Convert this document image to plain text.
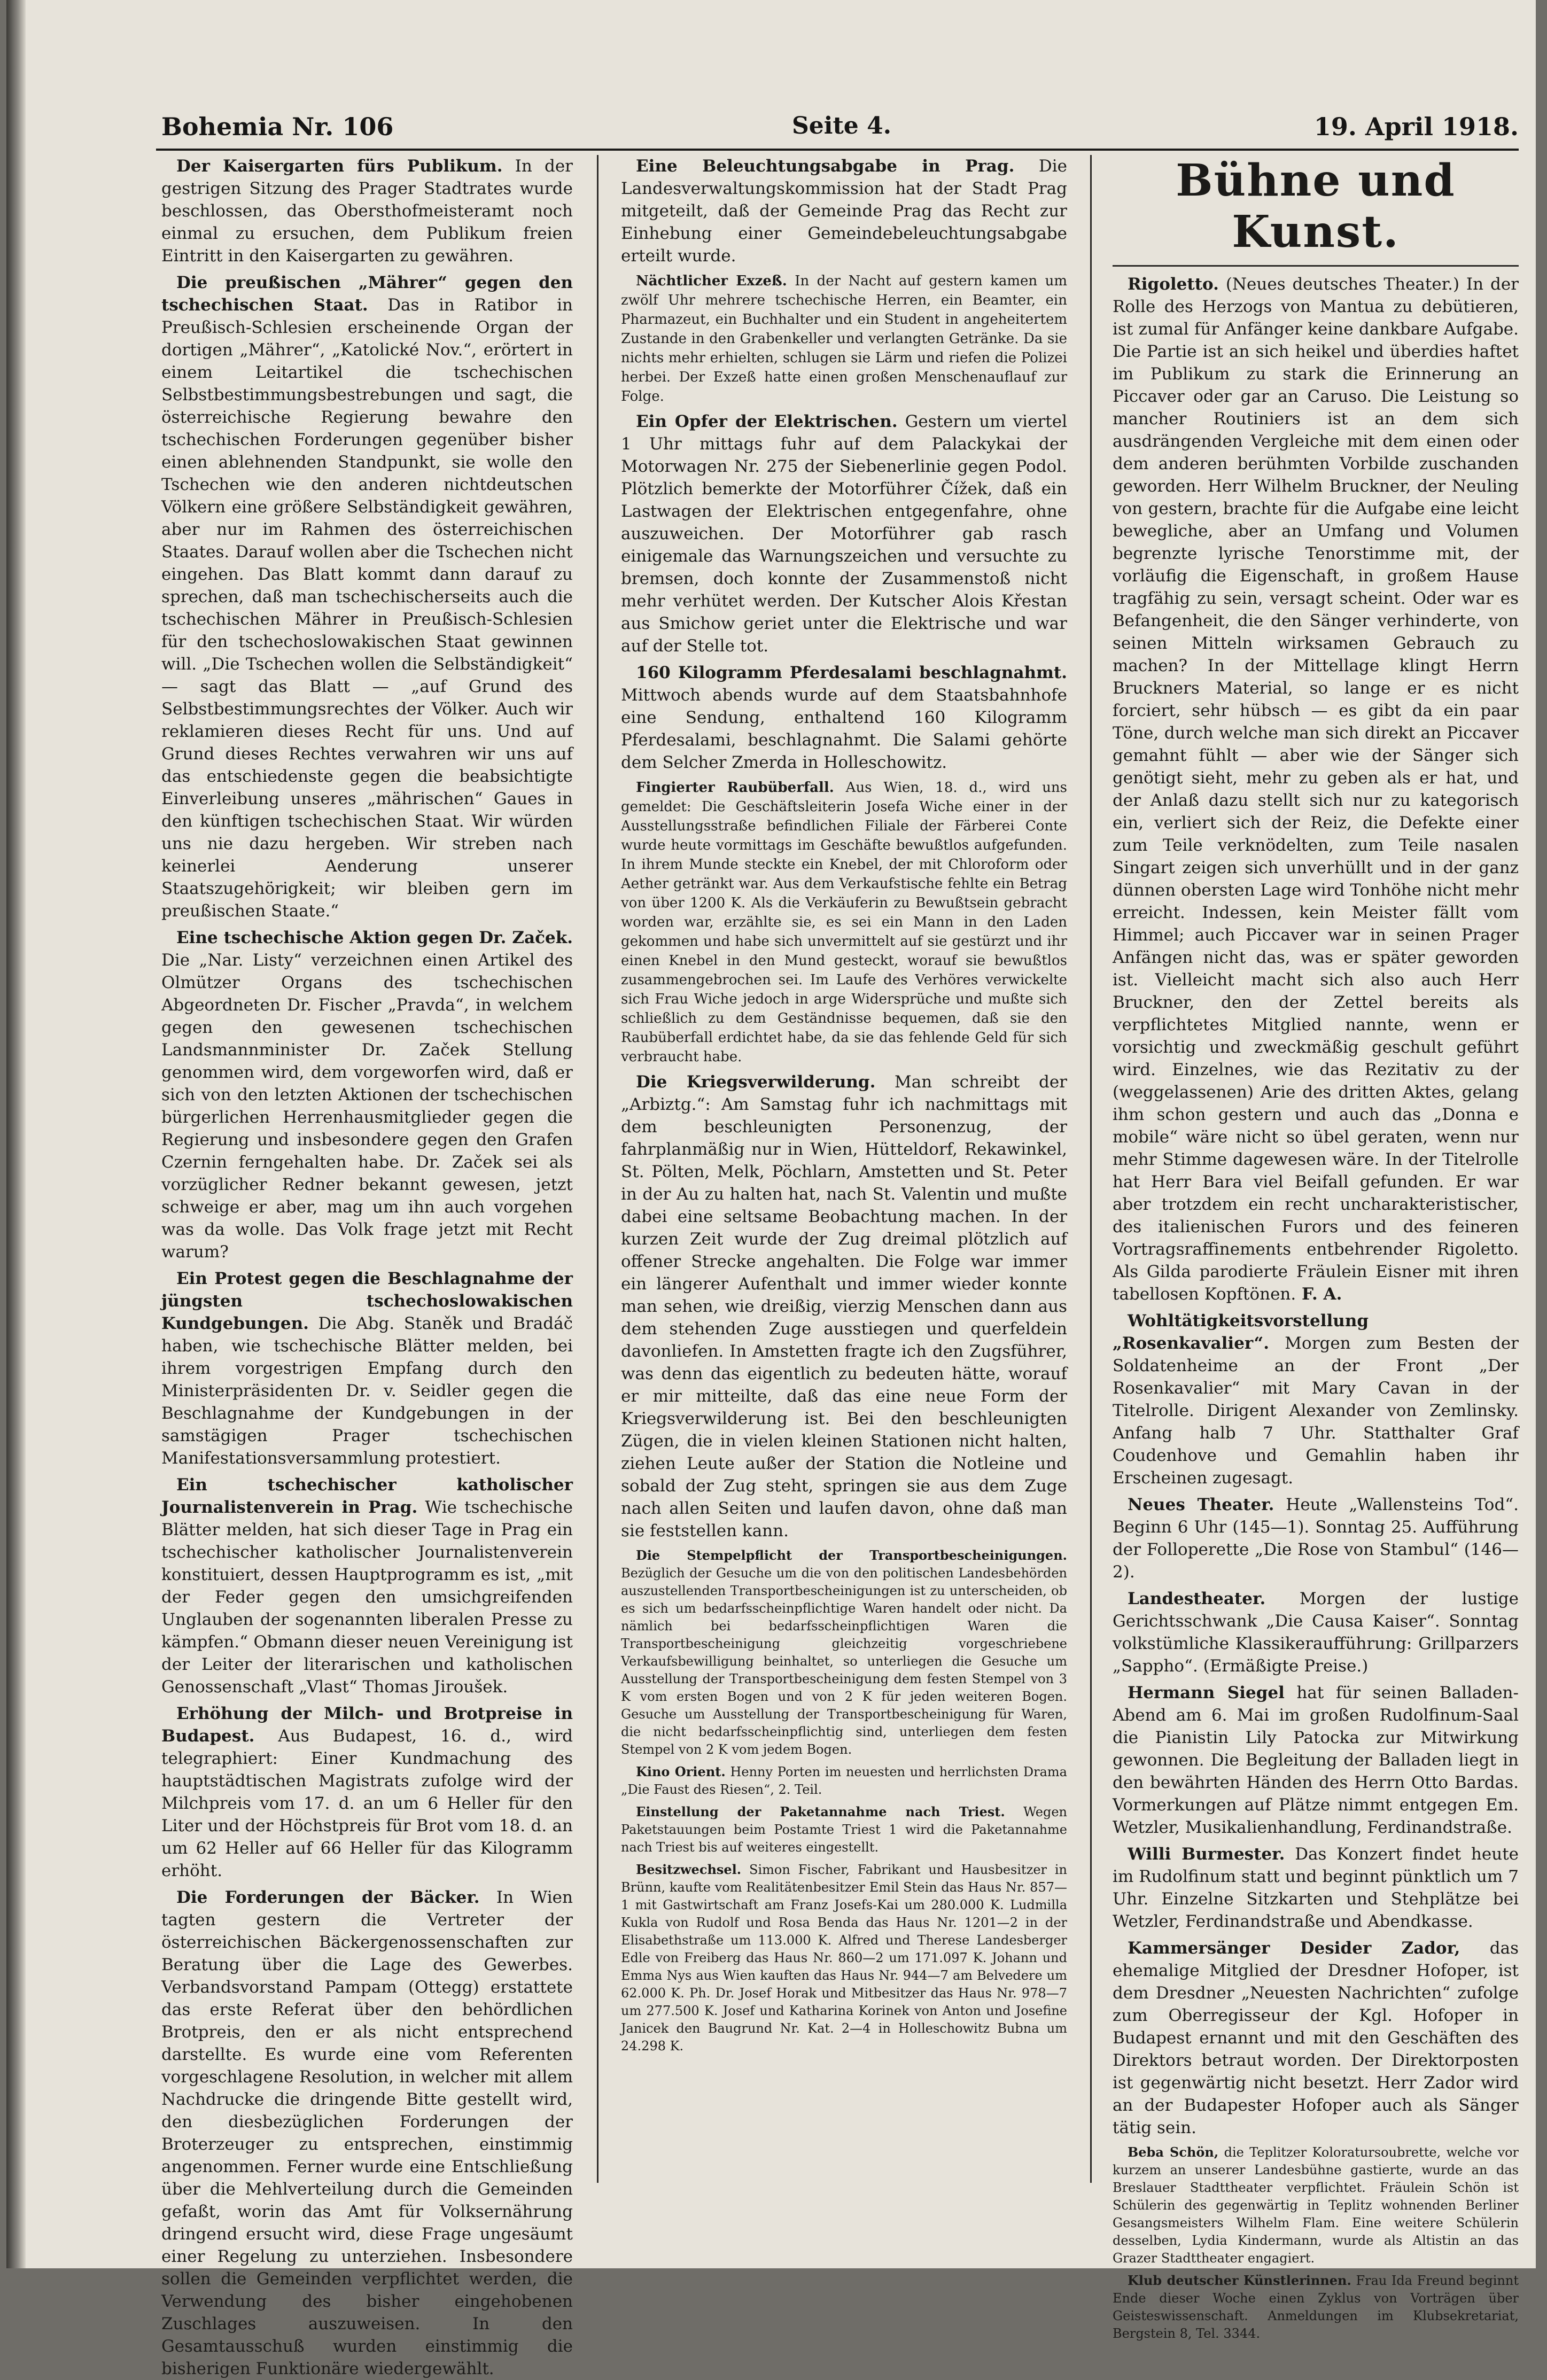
Bohemia Nr. 106	Seite 4.	19. April 1918.

Der Kaisergarten fürs Publikum. In der gestrigen Sitzung des Prager Stadtrates wurde beschlossen, das Obersthofmeisteramt noch einmal zu ersuchen, dem Publikum freien Eintritt in den Kaisergarten zu gewähren.

Die preußischen „Mährer“ gegen den tschechischen Staat. Das in Ratibor in Preußisch-Schlesien erscheinende Organ der dortigen „Mährer“, „Katolické Nov.“, erörtert in einem Leitartikel die tschechischen Selbstbestimmungsbestrebungen und sagt, die österreichische Regierung bewahre den tschechischen Forderungen gegenüber bisher einen ablehnenden Standpunkt, sie wolle den Tschechen wie den anderen nichtdeutschen Völkern eine größere Selbständigkeit gewähren, aber nur im Rahmen des österreichischen Staates. Darauf wollen aber die Tschechen nicht eingehen. Das Blatt kommt dann darauf zu sprechen, daß man tschechischerseits auch die tschechischen Mährer in Preußisch-Schlesien für den tschechoslowakischen Staat gewinnen will. „Die Tschechen wollen die Selbständigkeit“ — sagt das Blatt — „auf Grund des Selbstbestimmungsrechtes der Völker. Auch wir reklamieren dieses Recht für uns. Und auf Grund dieses Rechtes verwahren wir uns auf das entschiedenste gegen die beabsichtigte Einverleibung unseres „mährischen“ Gaues in den künftigen tschechischen Staat. Wir würden uns nie dazu hergeben. Wir streben nach keinerlei Aenderung unserer Staatszugehörigkeit; wir bleiben gern im preußischen Staate.“

Eine tschechische Aktion gegen Dr. Začek. Die „Nar. Listy“ verzeichnen einen Artikel des Olmützer Organs des tschechischen Abgeordneten Dr. Fischer „Pravda“, in welchem gegen den gewesenen tschechischen Landsmannminister Dr. Začek Stellung genommen wird, dem vorgeworfen wird, daß er sich von den letzten Aktionen der tschechischen bürgerlichen Herrenhausmitglieder gegen die Regierung und insbesondere gegen den Grafen Czernin ferngehalten habe. Dr. Začek sei als vorzüglicher Redner bekannt gewesen, jetzt schweige er aber, mag um ihn auch vorgehen was da wolle. Das Volk frage jetzt mit Recht warum?

Ein Protest gegen die Beschlagnahme der jüngsten tschechoslowakischen Kundgebungen. Die Abg. Staněk und Bradáč haben, wie tschechische Blätter melden, bei ihrem vorgestrigen Empfang durch den Ministerpräsidenten Dr. v. Seidler gegen die Beschlagnahme der Kundgebungen in der samstägigen Prager tschechischen Manifestationsversammlung protestiert.

Ein tschechischer katholischer Journalistenverein in Prag. Wie tschechische Blätter melden, hat sich dieser Tage in Prag ein tschechischer katholischer Journalistenverein konstituiert, dessen Hauptprogramm es ist, „mit der Feder gegen den umsichgreifenden Unglauben der sogenannten liberalen Presse zu kämpfen.“ Obmann dieser neuen Vereinigung ist der Leiter der literarischen und katholischen Genossenschaft „Vlast“ Thomas Jiroušek.

Erhöhung der Milch- und Brotpreise in Budapest. Aus Budapest, 16. d., wird telegraphiert: Einer Kundmachung des hauptstädtischen Magistrats zufolge wird der Milchpreis vom 17. d. an um 6 Heller für den Liter und der Höchstpreis für Brot vom 18. d. an um 62 Heller auf 66 Heller für das Kilogramm erhöht.

Die Forderungen der Bäcker. In Wien tagten gestern die Vertreter der österreichischen Bäckergenossenschaften zur Beratung über die Lage des Gewerbes. Verbandsvorstand Pampam (Ottegg) erstattete das erste Referat über den behördlichen Brotpreis, den er als nicht entsprechend darstellte. Es wurde eine vom Referenten vorgeschlagene Resolution, in welcher mit allem Nachdrucke die dringende Bitte gestellt wird, den diesbezüglichen Forderungen der Broterzeuger zu entsprechen, einstimmig angenommen. Ferner wurde eine Entschließung über die Mehlverteilung durch die Gemeinden gefaßt, worin das Amt für Volksernährung dringend ersucht wird, diese Frage ungesäumt einer Regelung zu unterziehen. Insbesondere sollen die Gemeinden verpflichtet werden, die Verwendung des bisher eingehobenen Zuschlages auszuweisen. In den Gesamtausschuß wurden einstimmig die bisherigen Funktionäre wiedergewählt.

Eine Beleuchtungsabgabe in Prag. Die Landesverwaltungskommission hat der Stadt Prag mitgeteilt, daß der Gemeinde Prag das Recht zur Einhebung einer Gemeindebeleuchtungsabgabe erteilt wurde.

Nächtlicher Exzeß. In der Nacht auf gestern kamen um zwölf Uhr mehrere tschechische Herren, ein Beamter, ein Pharmazeut, ein Buchhalter und ein Student in angeheitertem Zustande in den Grabenkeller und verlangten Getränke. Da sie nichts mehr erhielten, schlugen sie Lärm und riefen die Polizei herbei. Der Exzeß hatte einen großen Menschenauflauf zur Folge.

Ein Opfer der Elektrischen. Gestern um viertel 1 Uhr mittags fuhr auf dem Palackykai der Motorwagen Nr. 275 der Siebenerlinie gegen Podol. Plötzlich bemerkte der Motorführer Čížek, daß ein Lastwagen der Elektrischen entgegenfahre, ohne auszuweichen. Der Motorführer gab rasch einigemale das Warnungszeichen und versuchte zu bremsen, doch konnte der Zusammenstoß nicht mehr verhütet werden. Der Kutscher Alois Křestan aus Smichow geriet unter die Elektrische und war auf der Stelle tot.

160 Kilogramm Pferdesalami beschlagnahmt. Mittwoch abends wurde auf dem Staatsbahnhofe eine Sendung, enthaltend 160 Kilogramm Pferdesalami, beschlagnahmt. Die Salami gehörte dem Selcher Zmerda in Holleschowitz.

Fingierter Raubüberfall. Aus Wien, 18. d., wird uns gemeldet: Die Geschäftsleiterin Josefa Wiche einer in der Ausstellungsstraße befindlichen Filiale der Färberei Conte wurde heute vormittags im Geschäfte bewußtlos aufgefunden. In ihrem Munde steckte ein Knebel, der mit Chloroform oder Aether getränkt war. Aus dem Verkaufstische fehlte ein Betrag von über 1200 K. Als die Verkäuferin zu Bewußtsein gebracht worden war, erzählte sie, es sei ein Mann in den Laden gekommen und habe sich unvermittelt auf sie gestürzt und ihr einen Knebel in den Mund gesteckt, worauf sie bewußtlos zusammengebrochen sei. Im Laufe des Verhöres verwickelte sich Frau Wiche jedoch in arge Widersprüche und mußte sich schließlich zu dem Geständnisse bequemen, daß sie den Raubüberfall erdichtet habe, da sie das fehlende Geld für sich verbraucht habe.

Die Kriegsverwilderung. Man schreibt der „Arbiztg.“: Am Samstag fuhr ich nachmittags mit dem beschleunigten Personenzug, der fahrplanmäßig nur in Wien, Hütteldorf, Rekawinkel, St. Pölten, Melk, Pöchlarn, Amstetten und St. Peter in der Au zu halten hat, nach St. Valentin und mußte dabei eine seltsame Beobachtung machen. In der kurzen Zeit wurde der Zug dreimal plötzlich auf offener Strecke angehalten. Die Folge war immer ein längerer Aufenthalt und immer wieder konnte man sehen, wie dreißig, vierzig Menschen dann aus dem stehenden Zuge ausstiegen und querfeldein davonliefen. In Amstetten fragte ich den Zugsführer, was denn das eigentlich zu bedeuten hätte, worauf er mir mitteilte, daß das eine neue Form der Kriegsverwilderung ist. Bei den beschleunigten Zügen, die in vielen kleinen Stationen nicht halten, ziehen Leute außer der Station die Notleine und sobald der Zug steht, springen sie aus dem Zuge nach allen Seiten und laufen davon, ohne daß man sie feststellen kann.

Die Stempelpflicht der Transportbescheinigungen. Bezüglich der Gesuche um die von den politischen Landesbehörden auszustellenden Transportbescheinigungen ist zu unterscheiden, ob es sich um bedarfsscheinpflichtige Waren handelt oder nicht. Da nämlich bei bedarfsscheinpflichtigen Waren die Transportbescheinigung gleichzeitig vorgeschriebene Verkaufsbewilligung beinhaltet, so unterliegen die Gesuche um Ausstellung der Transportbescheinigung dem festen Stempel von 3 K vom ersten Bogen und von 2 K für jeden weiteren Bogen. Gesuche um Ausstellung der Transportbescheinigung für Waren, die nicht bedarfsscheinpflichtig sind, unterliegen dem festen Stempel von 2 K vom jedem Bogen.

Kino Orient. Henny Porten im neuesten und herrlichsten Drama „Die Faust des Riesen“, 2. Teil.

Einstellung der Paketannahme nach Triest. Wegen Paketstauungen beim Postamte Triest 1 wird die Paketannahme nach Triest bis auf weiteres eingestellt.

Besitzwechsel. Simon Fischer, Fabrikant und Hausbesitzer in Brünn, kaufte vom Realitätenbesitzer Emil Stein das Haus Nr. 857—1 mit Gastwirtschaft am Franz Josefs-Kai um 280.000 K. Ludmilla Kukla von Rudolf und Rosa Benda das Haus Nr. 1201—2 in der Elisabethstraße um 113.000 K. Alfred und Therese Landesberger Edle von Freiberg das Haus Nr. 860—2 um 171.097 K. Johann und Emma Nys aus Wien kauften das Haus Nr. 944—7 am Belvedere um 62.000 K. Ph. Dr. Josef Horak und Mitbesitzer das Haus Nr. 978—7 um 277.500 K. Josef und Katharina Korinek von Anton und Josefine Janicek den Baugrund Nr. Kat. 2—4 in Holleschowitz Bubna um 24.298 K.

Bühne und Kunst.

Rigoletto. (Neues deutsches Theater.) In der Rolle des Herzogs von Mantua zu debütieren, ist zumal für Anfänger keine dankbare Aufgabe. Die Partie ist an sich heikel und überdies haftet im Publikum zu stark die Erinnerung an Piccaver oder gar an Caruso. Die Leistung so mancher Routiniers ist an dem sich ausdrängenden Vergleiche mit dem einen oder dem anderen berühmten Vorbilde zuschanden geworden. Herr Wilhelm Bruckner, der Neuling von gestern, brachte für die Aufgabe eine leicht bewegliche, aber an Umfang und Volumen begrenzte lyrische Tenorstimme mit, der vorläufig die Eigenschaft, in großem Hause tragfähig zu sein, versagt scheint. Oder war es Befangenheit, die den Sänger verhinderte, von seinen Mitteln wirksamen Gebrauch zu machen? In der Mittellage klingt Herrn Bruckners Material, so lange er es nicht forciert, sehr hübsch — es gibt da ein paar Töne, durch welche man sich direkt an Piccaver gemahnt fühlt — aber wie der Sänger sich genötigt sieht, mehr zu geben als er hat, und der Anlaß dazu stellt sich nur zu kategorisch ein, verliert sich der Reiz, die Defekte einer zum Teile verknödelten, zum Teile nasalen Singart zeigen sich unverhüllt und in der ganz dünnen obersten Lage wird Tonhöhe nicht mehr erreicht. Indessen, kein Meister fällt vom Himmel; auch Piccaver war in seinen Prager Anfängen nicht das, was er später geworden ist. Vielleicht macht sich also auch Herr Bruckner, den der Zettel bereits als verpflichtetes Mitglied nannte, wenn er vorsichtig und zweckmäßig geschult geführt wird. Einzelnes, wie das Rezitativ zu der (weggelassenen) Arie des dritten Aktes, gelang ihm schon gestern und auch das „Donna e mobile“ wäre nicht so übel geraten, wenn nur mehr Stimme dagewesen wäre. In der Titelrolle hat Herr Bara viel Beifall gefunden. Er war aber trotzdem ein recht uncharakteristischer, des italienischen Furors und des feineren Vortragsraffinements entbehrender Rigoletto. Als Gilda parodierte Fräulein Eisner mit ihren tabellosen Kopftönen. F. A.

Wohltätigkeitsvorstellung „Rosenkavalier“. Morgen zum Besten der Soldatenheime an der Front „Der Rosenkavalier“ mit Mary Cavan in der Titelrolle. Dirigent Alexander von Zemlinsky. Anfang halb 7 Uhr. Statthalter Graf Coudenhove und Gemahlin haben ihr Erscheinen zugesagt.

Neues Theater. Heute „Wallensteins Tod“. Beginn 6 Uhr (145—1). Sonntag 25. Aufführung der Folloperette „Die Rose von Stambul“ (146—2).

Landestheater. Morgen der lustige Gerichtsschwank „Die Causa Kaiser“. Sonntag volkstümliche Klassikeraufführung: Grillparzers „Sappho“. (Ermäßigte Preise.)

Hermann Siegel hat für seinen Balladen-Abend am 6. Mai im großen Rudolfinum-Saal die Pianistin Lily Patocka zur Mitwirkung gewonnen. Die Begleitung der Balladen liegt in den bewährten Händen des Herrn Otto Bardas. Vormerkungen auf Plätze nimmt entgegen Em. Wetzler, Musikalienhandlung, Ferdinandstraße.

Willi Burmester. Das Konzert findet heute im Rudolfinum statt und beginnt pünktlich um 7 Uhr. Einzelne Sitzkarten und Stehplätze bei Wetzler, Ferdinandstraße und Abendkasse.

Kammersänger Desider Zador, das ehemalige Mitglied der Dresdner Hofoper, ist dem Dresdner „Neuesten Nachrichten“ zufolge zum Oberregisseur der Kgl. Hofoper in Budapest ernannt und mit den Geschäften des Direktors betraut worden. Der Direktorposten ist gegenwärtig nicht besetzt. Herr Zador wird an der Budapester Hofoper auch als Sänger tätig sein.

Beba Schön, die Teplitzer Koloratursoubrette, welche vor kurzem an unserer Landesbühne gastierte, wurde an das Breslauer Stadttheater verpflichtet. Fräulein Schön ist Schülerin des gegenwärtig in Teplitz wohnenden Berliner Gesangsmeisters Wilhelm Flam. Eine weitere Schülerin desselben, Lydia Kindermann, wurde als Altistin an das Grazer Stadttheater engagiert.

Klub deutscher Künstlerinnen. Frau Ida Freund beginnt Ende dieser Woche einen Zyklus von Vorträgen über Geisteswissenschaft. Anmeldungen im Klubsekretariat, Bergstein 8, Tel. 3344.
